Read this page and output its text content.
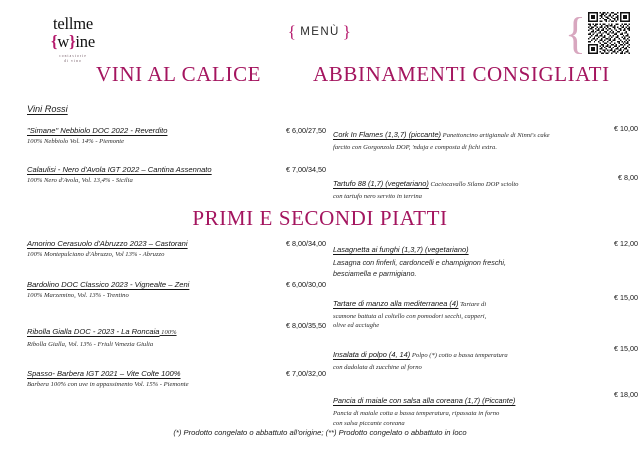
tellme
{w}ine
contastorie
di vino
{ MENÙ }	{
VINI AL CALICE ABBINAMENTI CONSIGLIATI
Vini Rossi
"Simane" Nebbiolo DOC 2022 - Reverdito
100% Nebbiolo Vol. 14% - Piemonte
€ 6,00/27,50
Calaulisi - Nero d'Avola IGT 2022 – Cantina Assennato
100% Nero d'Avola, Vol. 13,4% - Sicilia
€ 7,00/34,50
Cork In Flames (1,3,7) (piccante) Panettoncino artigianale di Ninni's cake
farcito con Gorgonzola DOP, 'nduja e composta di fichi extra.
€ 10,00
Tartufo 88 (1,7) (vegetariano) Caciocavallo Silano DOP sciolto
con tartufo nero servito in terrina
€ 8,00
PRIMI E SECONDI PIATTI
Amorino Cerasuolo d'Abruzzo 2023 – Castorani
100% Montepulciano d'Abruzzo, Vol 13% - Abruzzo
€ 8,00/34,00
Bardolino DOC Classico 2023 - Vignealte – Zeni
100% Marzemino, Vol. 13% - Trentino
€ 6,00/30,00
Ribolla Gialla DOC - 2023 - La Roncaia 100%
Ribolla Gialla, Vol. 13% - Friuli Venezia Giulia
€ 8,00/35,50
Spasso- Barbera IGT 2021 – Vite Colte 100%
Barbera 100% con uve in appassimento Vol. 15% - Piemonte
€ 7,00/32,00
Lasagnetta ai funghi (1,3,7) (vegetariano)
Lasagna con finferli, cardoncelli e champignon freschi,
besciamella e parmigiano.
€ 12,00
Tartare di manzo alla mediterranea (4) Tartare di
scamone battuta al coltello con pomodori secchi, capperi,
olive ed acciughe
€ 15,00
Insalata di polpo (4, 14) Polpo (*) cotto a bassa temperatura
con dadolata di zucchine al forno
€ 15,00
Pancia di maiale con salsa alla coreana (1,7) (Piccante)
Pancia di maiale cotta a bassa temperatura, ripassata in forno
con salsa piccante coreana
€ 18,00
(*) Prodotto congelato o abbattuto all'origine; (**) Prodotto congelato o abbattuto in loco
